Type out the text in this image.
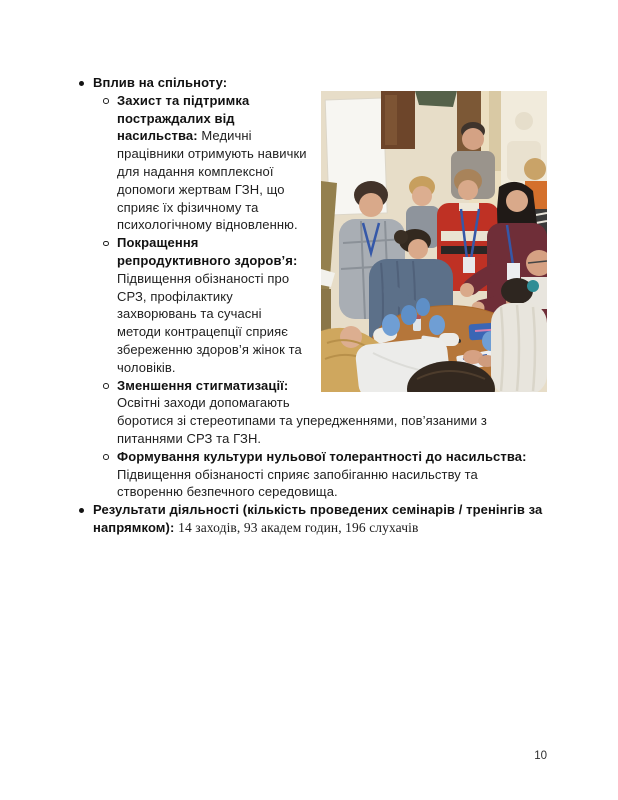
Вплив на спільноту:
Захист та підтримка постраждалих від насильства: Медичні працівники отримують навички для надання комплексної допомоги жертвам ГЗН, що сприяє їх фізичному та психологічному відновленню.
Покращення репродуктивного здоров’я: Підвищення обізнаності про СРЗ, профілактику захворювань та сучасні методи контрацепції сприяє збереженню здоров’я жінок та чоловіків.
Зменшення стигматизації: Освітні заходи допомагають боротися зі стереотипами та упередженнями, пов’язаними з питаннями СРЗ та ГЗН.
Формування культури нульової толерантності до насильства: Підвищення обізнаності сприяє запобіганню насильству та створенню безпечного середовища.
Результати діяльності (кількість проведених семінарів / тренінгів за напрямком): 14 заходів, 93 академ годин, 196 слухачів
10
